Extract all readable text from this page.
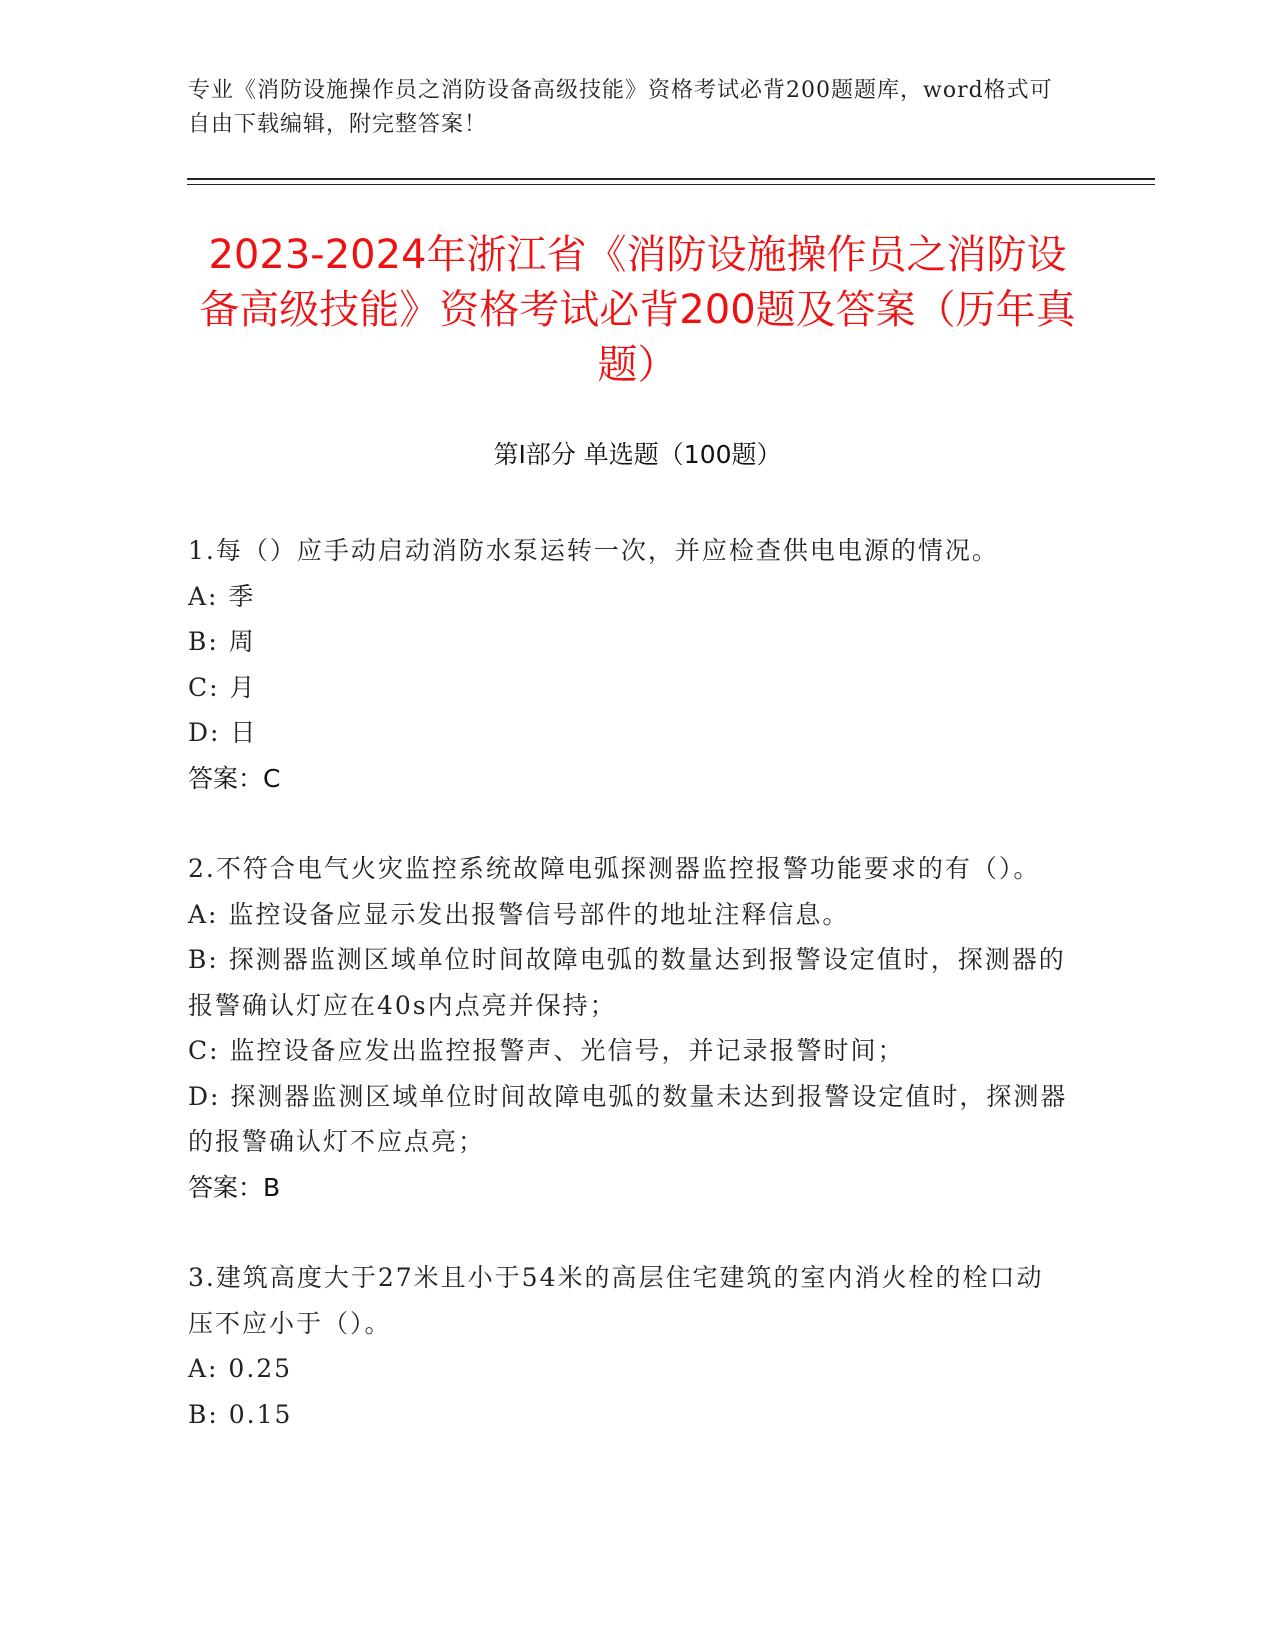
专业《消防设施操作员之消防设备高级技能》资格考试必背200题题库，word格式可自由下载编辑，附完整答案！
2023-2024年浙江省《消防设施操作员之消防设备高级技能》资格考试必背200题及答案（历年真题）
第Ⅰ部分 单选题（100题）

1.每（）应手动启动消防水泵运转一次，并应检查供电电源的情况。

A: 季

B: 周

C: 月

D: 日

答案：C

2.不符合电气火灾监控系统故障电弧探测器监控报警功能要求的有（）。

A: 监控设备应显示发出报警信号部件的地址注释信息。

B: 探测器监测区域单位时间故障电弧的数量达到报警设定值时，探测器的报警确认灯应在40s内点亮并保持；

C: 监控设备应发出监控报警声、光信号，并记录报警时间；

D: 探测器监测区域单位时间故障电弧的数量未达到报警设定值时，探测器的报警确认灯不应点亮；

答案：B

3.建筑高度大于27米且小于54米的高层住宅建筑的室内消火栓的栓口动压不应小于（）。

A: 0.25

B: 0.15
